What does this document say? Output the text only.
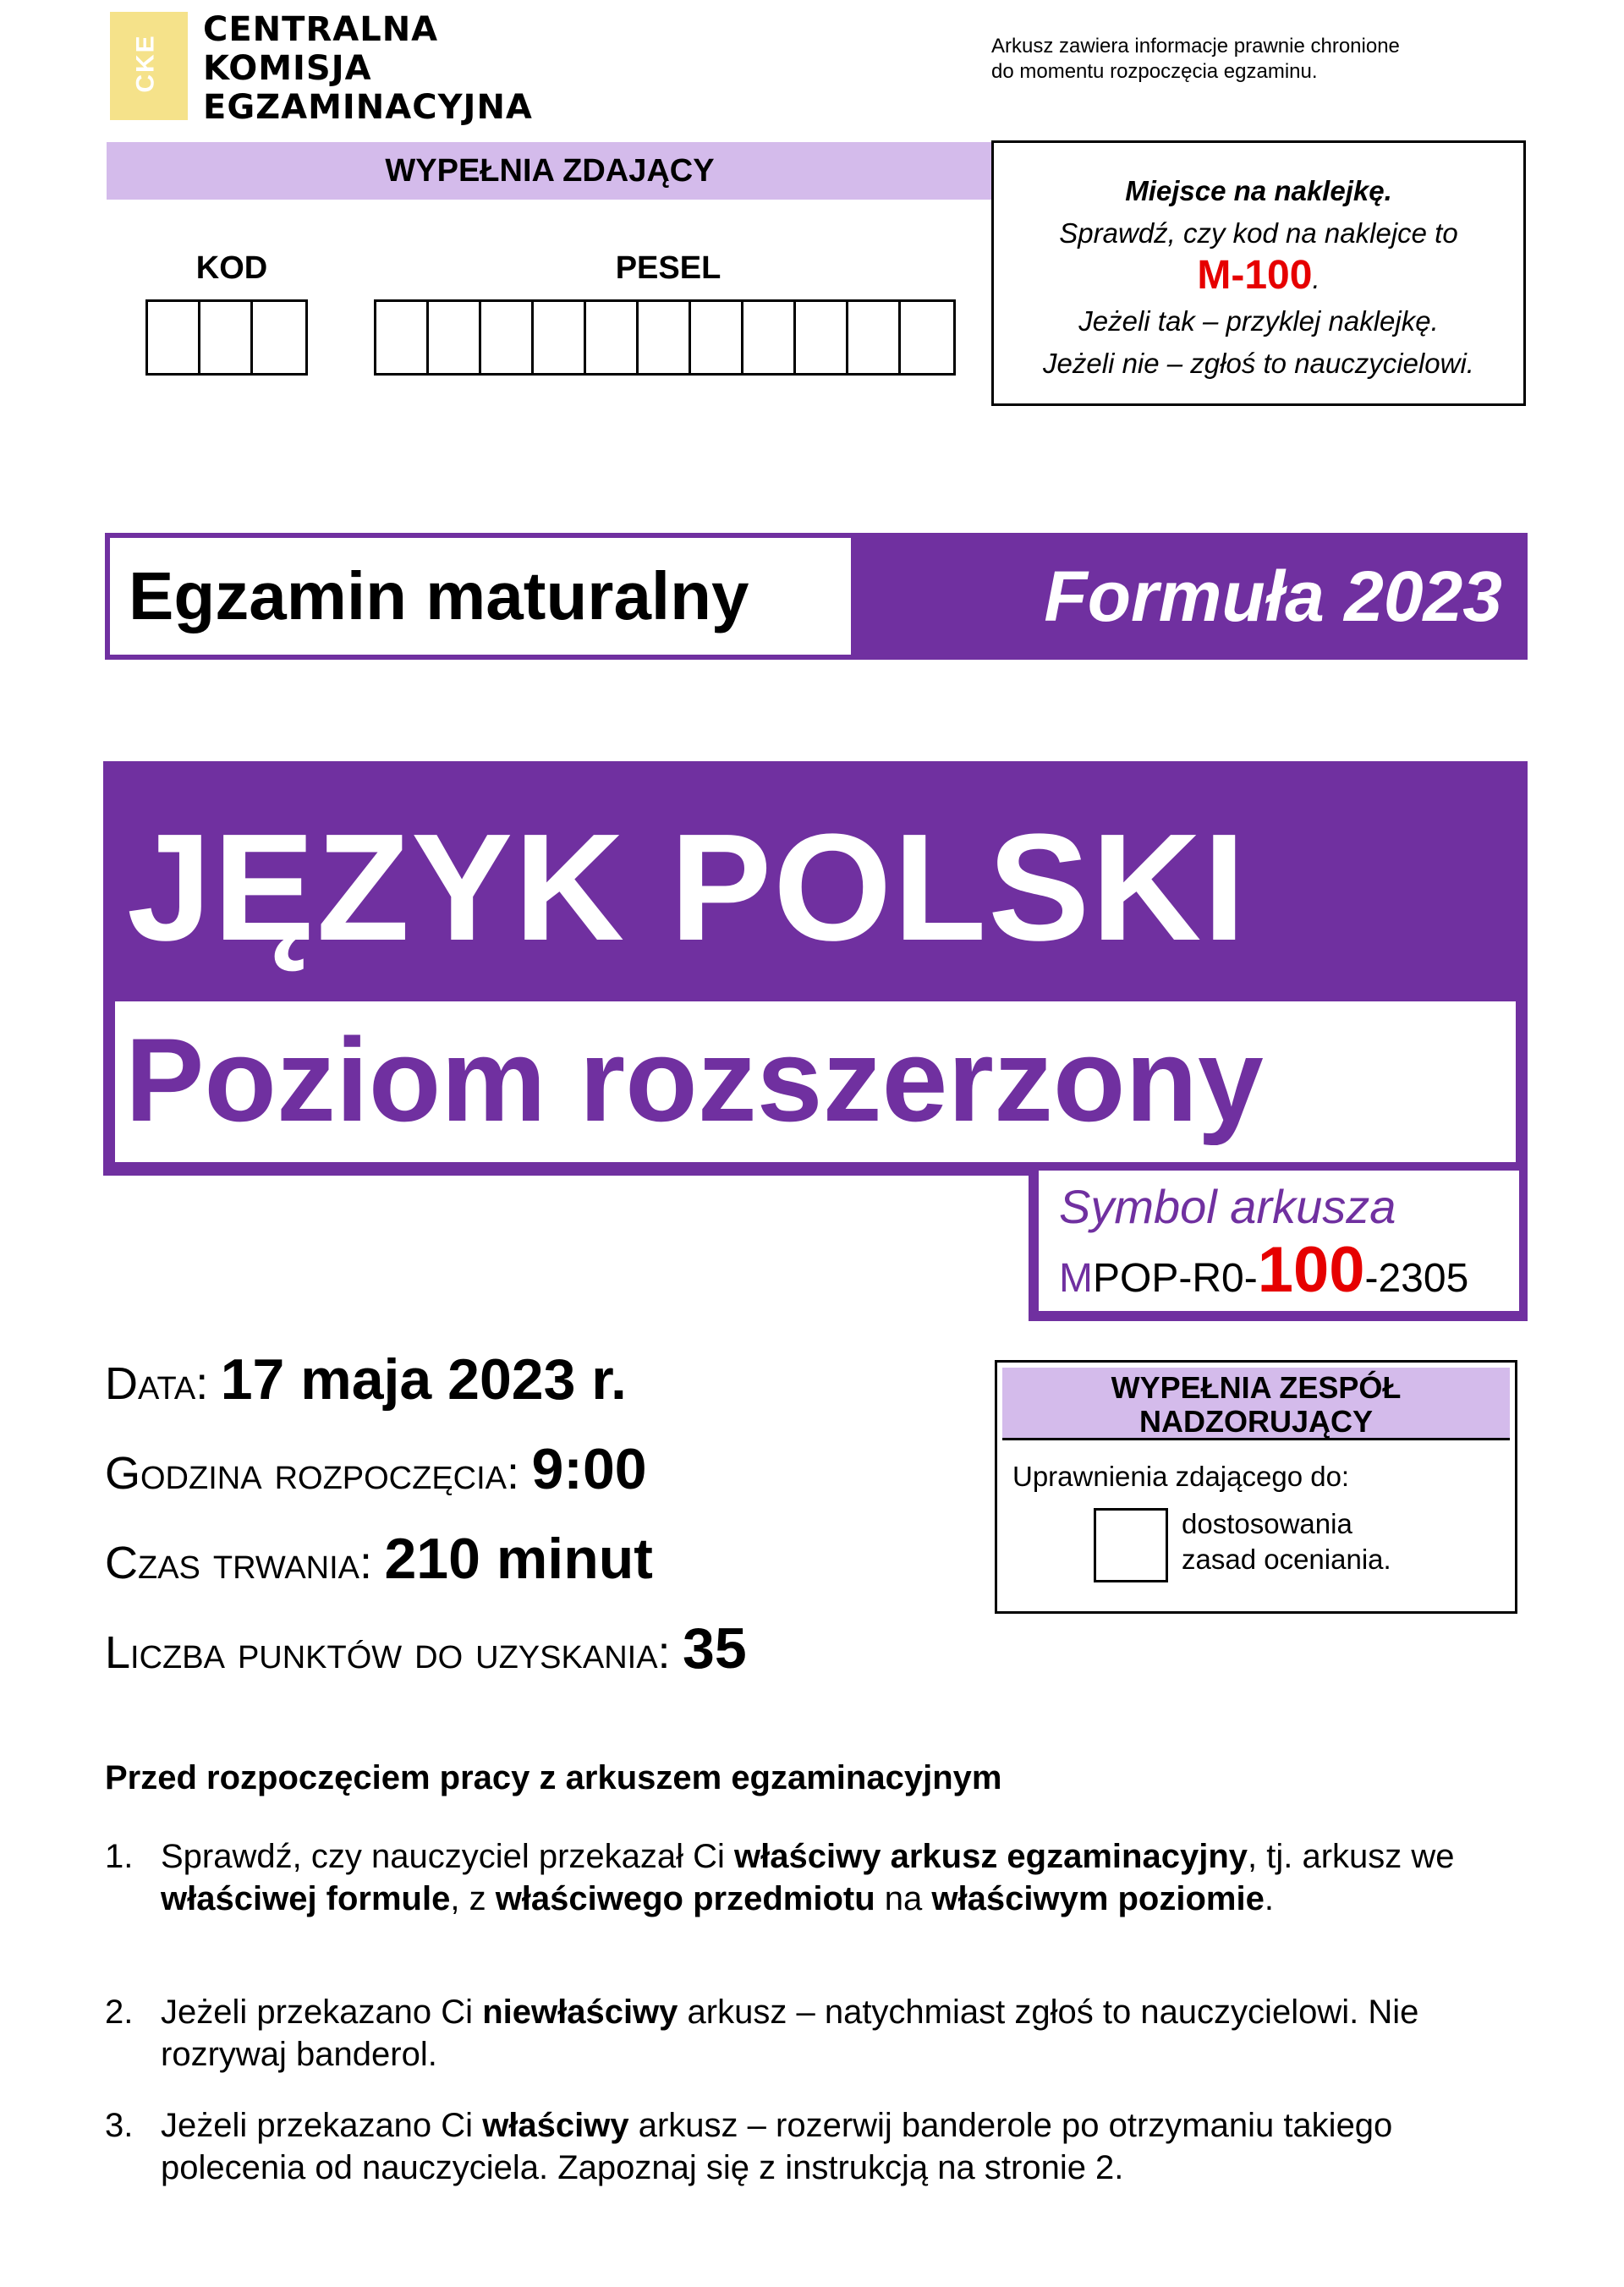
CKE
CENTRALNA
KOMISJA
EGZAMINACYJNA
Arkusz zawiera informacje prawnie chronione
do momentu rozpoczęcia egzaminu.
WYPEŁNIA ZDAJĄCY
KOD	PESEL
Miejsce na naklejkę.
Sprawdź, czy kod na naklejce to
M-100.
Jeżeli tak – przyklej naklejkę.
Jeżeli nie – zgłoś to nauczycielowi.
Egzamin maturalny	Formuła 2023
JĘZYK POLSKI
Poziom rozszerzony
Symbol arkusza
MPOP-R0-100-2305
Data: 17 maja 2023 r.
Godzina rozpoczęcia: 9:00
Czas trwania: 210 minut
Liczba punktów do uzyskania: 35
WYPEŁNIA ZESPÓŁ
NADZORUJĄCY
Uprawnienia zdającego do:
dostosowania
zasad oceniania.
Przed rozpoczęciem pracy z arkuszem egzaminacyjnym
1. Sprawdź, czy nauczyciel przekazał Ci właściwy arkusz egzaminacyjny, tj. arkusz we właściwej formule, z właściwego przedmiotu na właściwym poziomie.
2. Jeżeli przekazano Ci niewłaściwy arkusz – natychmiast zgłoś to nauczycielowi. Nie rozrywaj banderol.
3. Jeżeli przekazano Ci właściwy arkusz – rozerwij banderole po otrzymaniu takiego polecenia od nauczyciela. Zapoznaj się z instrukcją na stronie 2.
